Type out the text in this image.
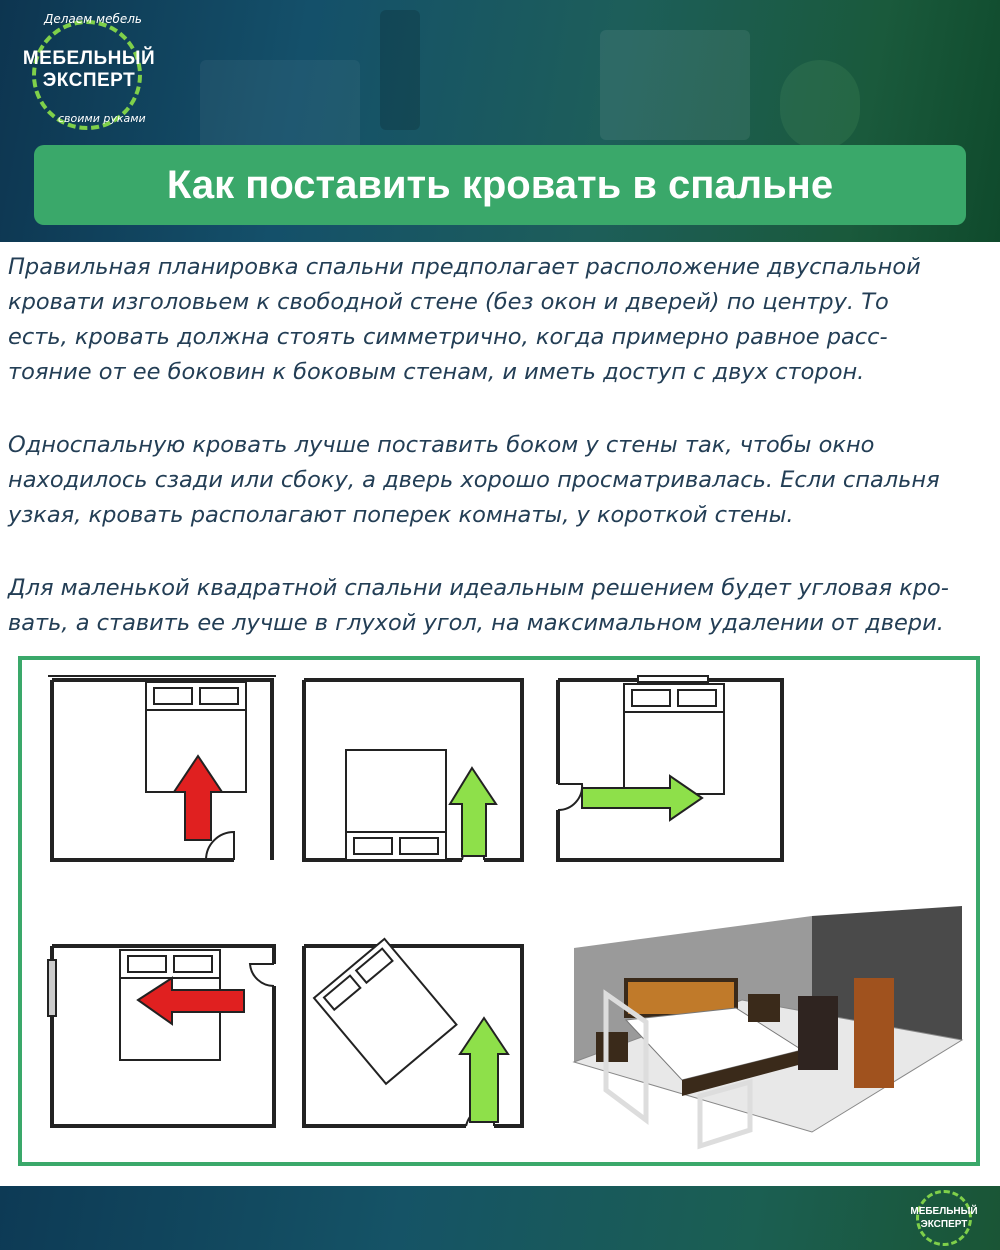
Делаем мебель
МЕБЕЛЬНЫЙ
ЭКСПЕРТ
своими руками
Как поставить кровать в спальне

Правильная планировка спальни предполагает расположение двуспальной
кровати изголовьем к свободной стене (без окон и дверей) по центру. То
есть, кровать должна стоять симметрично, когда примерно равное расс-
тояние от ее боковин к боковым стенам, и иметь доступ с двух сторон.

Односпальную кровать лучше поставить боком у стены так, чтобы окно
находилось сзади или сбоку, а дверь хорошо просматривалась. Если спальня
узкая, кровать располагают поперек комнаты, у короткой стены.

Для маленькой квадратной спальни идеальным решением будет угловая кро-
вать, а ставить ее лучше в глухой угол, на максимальном удалении от двери.

МЕБЕЛЬНЫЙ
ЭКСПЕРТ
